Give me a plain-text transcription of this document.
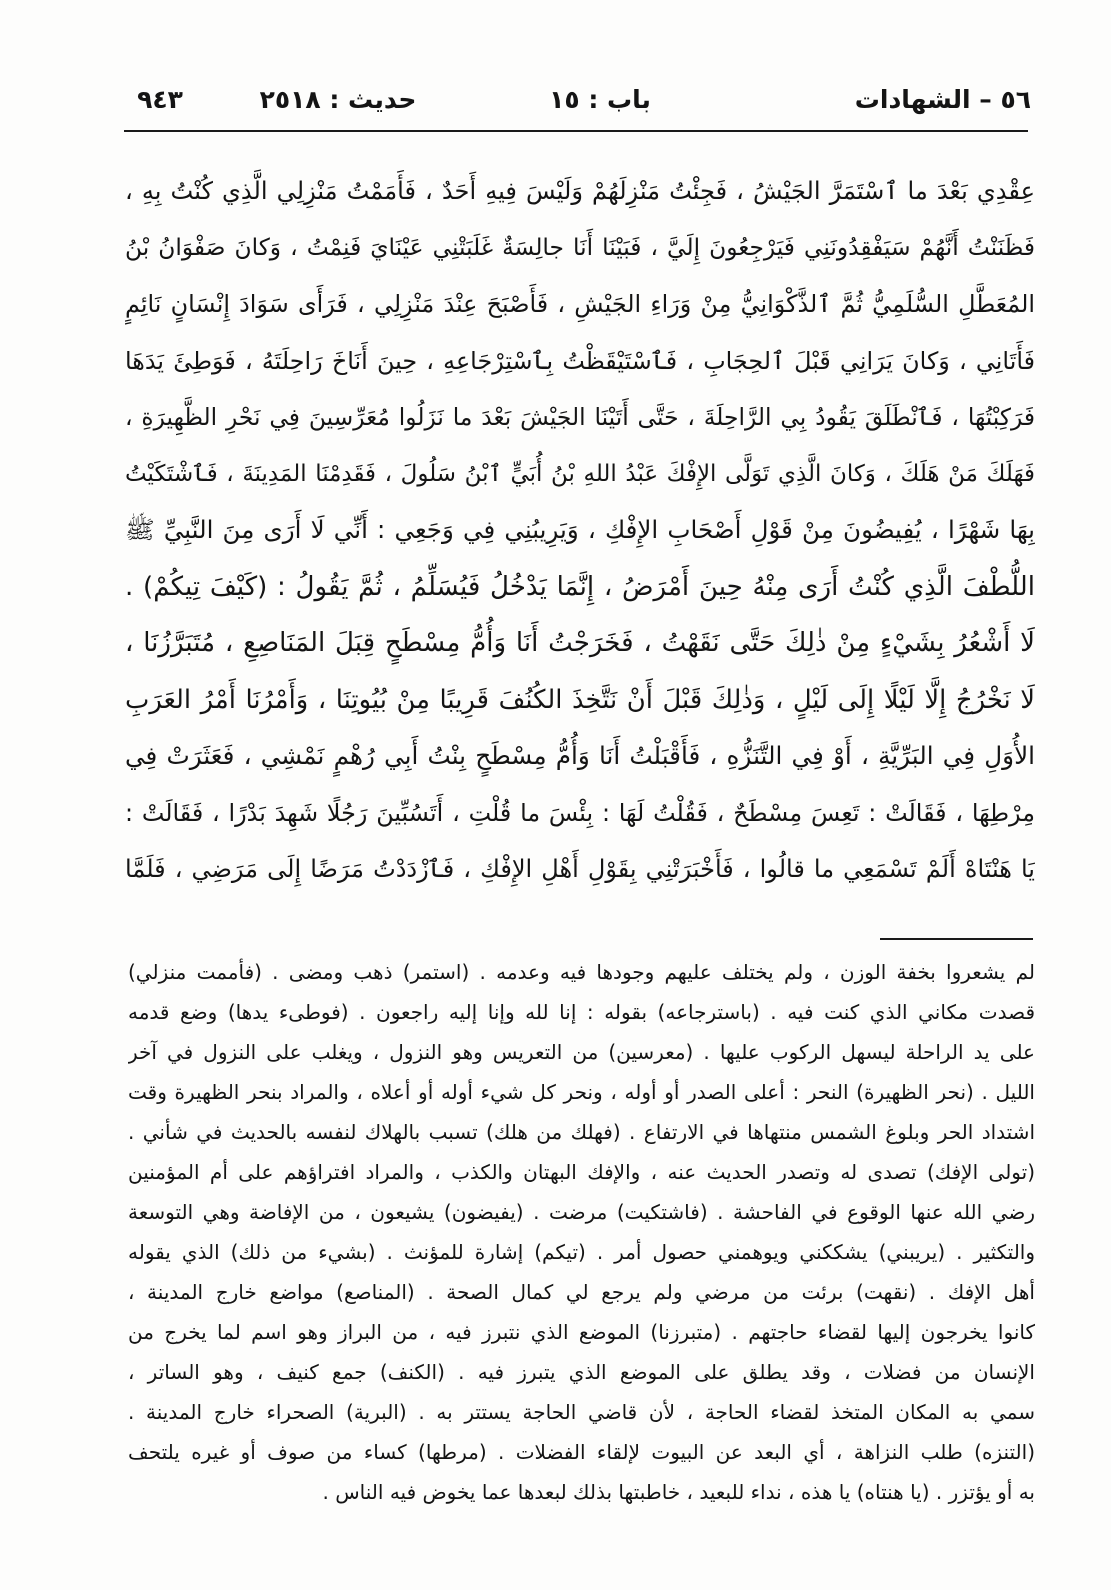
٥٦ – الشهادات
باب : ١٥
حديث : ٢٥١٨
٩٤٣
عِقْدِي بَعْدَ ما ٱسْتَمَرَّ الجَيْشُ ، فَجِئْتُ مَنْزِلَهُمْ وَلَيْسَ فِيهِ أَحَدٌ ، فَأَمَمْتُ مَنْزِلِي الَّذِي كُنْتُ بِهِ ،
فَظَنَنْتُ أَنَّهُمْ سَيَفْقِدُونَنِي فَيَرْجِعُونَ إِلَيَّ ، فَبَيْنَا أَنَا جالِسَةٌ غَلَبَتْنِي عَيْنَايَ فَنِمْتُ ، وَكانَ صَفْوَانُ بْنُ
المُعَطَّلِ السُّلَمِيُّ ثُمَّ ٱلذَّكْوَانِيُّ مِنْ وَرَاءِ الجَيْشِ ، فَأَصْبَحَ عِنْدَ مَنْزِلِي ، فَرَأَى سَوَادَ إِنْسَانٍ نَائِمٍ
فَأَتَانِي ، وَكانَ يَرَانِي قَبْلَ ٱلحِجَابِ ، فَٱسْتَيْقَظْتُ بِٱسْتِرْجَاعِهِ ، حِينَ أَنَاخَ رَاحِلَتَهُ ، فَوَطِئَ يَدَهَا
فَرَكِبْتُهَا ، فَٱنْطَلَقَ يَقُودُ بِي الرَّاحِلَةَ ، حَتَّى أَتَيْنَا الجَيْشَ بَعْدَ ما نَزَلُوا مُعَرِّسِينَ فِي نَحْرِ الظَّهِيرَةِ ،
فَهَلَكَ مَنْ هَلَكَ ، وَكانَ الَّذِي تَوَلَّى الإِفْكَ عَبْدُ اللهِ بْنُ أُبَيٍّ ٱبْنُ سَلُولَ ، فَقَدِمْنَا المَدِينَةَ ، فَٱشْتَكَيْتُ
بِهَا شَهْرًا ، يُفِيضُونَ مِنْ قَوْلِ أَصْحَابِ الإِفْكِ ، وَيَرِيبُنِي فِي وَجَعِي : أَنِّي لَا أَرَى مِنَ النَّبِيِّ ﷺ
اللُّطْفَ الَّذِي كُنْتُ أَرَى مِنْهُ حِينَ أَمْرَضُ ، إِنَّمَا يَدْخُلُ فَيُسَلِّمُ ، ثُمَّ يَقُولُ : (كَيْفَ تِيكُمْ) .
لَا أَشْعُرُ بِشَيْءٍ مِنْ ذٰلِكَ حَتَّى نَقَهْتُ ، فَخَرَجْتُ أَنَا وَأُمُّ مِسْطَحٍ قِبَلَ المَنَاصِعِ ، مُتَبَرَّزُنَا ،
لَا نَخْرُجُ إِلَّا لَيْلًا إِلَى لَيْلٍ ، وَذٰلِكَ قَبْلَ أَنْ نَتَّخِذَ الكُنُفَ قَرِيبًا مِنْ بُيُوتِنَا ، وَأَمْرُنَا أَمْرُ العَرَبِ
الأُوَلِ فِي البَرِّيَّةِ ، أَوْ فِي التَّنَزُّهِ ، فَأَقْبَلْتُ أَنَا وَأُمُّ مِسْطَحٍ بِنْتُ أَبِي رُهْمٍ نَمْشِي ، فَعَثَرَتْ فِي
مِرْطِهَا ، فَقَالَتْ : تَعِسَ مِسْطَحٌ ، فَقُلْتُ لَهَا : بِئْسَ ما قُلْتِ ، أَتَسُبِّينَ رَجُلًا شَهِدَ بَدْرًا ، فَقَالَتْ :
يَا هَنْتَاهْ أَلَمْ تَسْمَعِي ما قالُوا ، فَأَخْبَرَتْنِي بِقَوْلِ أَهْلِ الإِفْكِ ، فَٱزْدَدْتُ مَرَضًا إِلَى مَرَضِي ، فَلَمَّا
لم يشعروا بخفة الوزن ، ولم يختلف عليهم وجودها فيه وعدمه . (استمر) ذهب ومضى . (فأممت منزلي)
قصدت مكاني الذي كنت فيه . (باسترجاعه) بقوله : إنا لله وإنا إليه راجعون . (فوطىء يدها) وضع قدمه
على يد الراحلة ليسهل الركوب عليها . (معرسين) من التعريس وهو النزول ، ويغلب على النزول في آخر
الليل . (نحر الظهيرة) النحر : أعلى الصدر أو أوله ، ونحر كل شيء أوله أو أعلاه ، والمراد بنحر الظهيرة وقت
اشتداد الحر وبلوغ الشمس منتهاها في الارتفاع . (فهلك من هلك) تسبب بالهلاك لنفسه بالحديث في شأني .
(تولى الإفك) تصدى له وتصدر الحديث عنه ، والإفك البهتان والكذب ، والمراد افتراؤهم على أم المؤمنين
رضي الله عنها الوقوع في الفاحشة . (فاشتكيت) مرضت . (يفيضون) يشيعون ، من الإفاضة وهي التوسعة
والتكثير . (يريبني) يشككني ويوهمني حصول أمر . (تيكم) إشارة للمؤنث . (بشيء من ذلك) الذي يقوله
أهل الإفك . (نقهت) برئت من مرضي ولم يرجع لي كمال الصحة . (المناصع) مواضع خارج المدينة ،
كانوا يخرجون إليها لقضاء حاجتهم . (متبرزنا) الموضع الذي نتبرز فيه ، من البراز وهو اسم لما يخرج من
الإنسان من فضلات ، وقد يطلق على الموضع الذي يتبرز فيه . (الكنف) جمع كنيف ، وهو الساتر ،
سمي به المكان المتخذ لقضاء الحاجة ، لأن قاضي الحاجة يستتر به . (البرية) الصحراء خارج المدينة .
(التنزه) طلب النزاهة ، أي البعد عن البيوت لإلقاء الفضلات . (مرطها) كساء من صوف أو غيره يلتحف
به أو يؤتزر . (يا هنتاه) يا هذه ، نداء للبعيد ، خاطبتها بذلك لبعدها عما يخوض فيه الناس .
